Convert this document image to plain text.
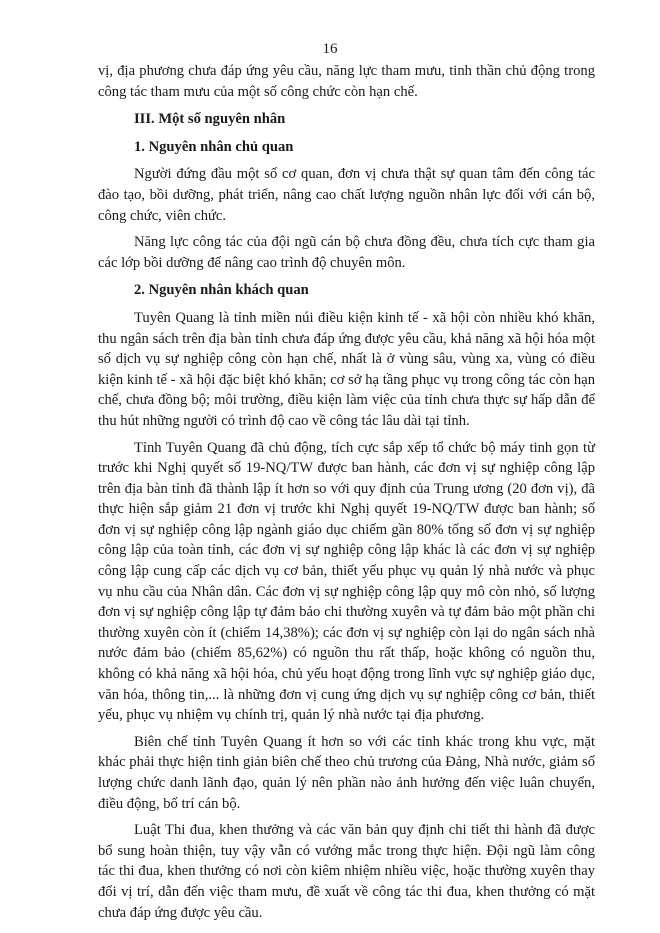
16

vị, địa phương chưa đáp ứng yêu cầu, năng lực tham mưu, tinh thần chủ động trong công tác tham mưu của một số công chức còn hạn chế.

III. Một số nguyên nhân

1. Nguyên nhân chủ quan

Người đứng đầu một số cơ quan, đơn vị chưa thật sự quan tâm đến công tác đào tạo, bồi dưỡng, phát triển, nâng cao chất lượng nguồn nhân lực đối với cán bộ, công chức, viên chức.

Năng lực công tác của đội ngũ cán bộ chưa đồng đều, chưa tích cực tham gia các lớp bồi dưỡng để nâng cao trình độ chuyên môn.

2. Nguyên nhân khách quan

Tuyên Quang là tỉnh miền núi điều kiện kinh tế - xã hội còn nhiều khó khăn, thu ngân sách trên địa bàn tỉnh chưa đáp ứng được yêu cầu, khả năng xã hội hóa một số dịch vụ sự nghiệp công còn hạn chế, nhất là ở vùng sâu, vùng xa, vùng có điều kiện kinh tế - xã hội đặc biệt khó khăn; cơ sở hạ tầng phục vụ trong công tác còn hạn chế, chưa đồng bộ; môi trường, điều kiện làm việc của tỉnh chưa thực sự hấp dẫn để thu hút những người có trình độ cao về công tác lâu dài tại tỉnh.

Tỉnh Tuyên Quang đã chủ động, tích cực sắp xếp tổ chức bộ máy tinh gọn từ trước khi Nghị quyết số 19-NQ/TW được ban hành, các đơn vị sự nghiệp công lập trên địa bàn tỉnh đã thành lập ít hơn so với quy định của Trung ương (20 đơn vị), đã thực hiện sắp giảm 21 đơn vị trước khi Nghị quyết 19-NQ/TW được ban hành; số đơn vị sự nghiệp công lập ngành giáo dục chiếm gần 80% tổng số đơn vị sự nghiệp công lập của toàn tỉnh, các đơn vị sự nghiệp công lập khác là các đơn vị sự nghiệp công lập cung cấp các dịch vụ cơ bản, thiết yếu phục vụ quản lý nhà nước và phục vụ nhu cầu của Nhân dân. Các đơn vị sự nghiệp công lập quy mô còn nhỏ, số lượng đơn vị sự nghiệp công lập tự đảm bảo chi thường xuyên và tự đảm bảo một phần chi thường xuyên còn ít (chiếm 14,38%); các đơn vị sự nghiệp còn lại do ngân sách nhà nước đảm bảo (chiếm 85,62%) có nguồn thu rất thấp, hoặc không có nguồn thu, không có khả năng xã hội hóa, chủ yếu hoạt động trong lĩnh vực sự nghiệp giáo dục, văn hóa, thông tin,... là những đơn vị cung ứng dịch vụ sự nghiệp công cơ bản, thiết yếu, phục vụ nhiệm vụ chính trị, quản lý nhà nước tại địa phương.

Biên chế tỉnh Tuyên Quang ít hơn so với các tỉnh khác trong khu vực, mặt khác phải thực hiện tinh giản biên chế theo chủ trương của Đảng, Nhà nước, giảm số lượng chức danh lãnh đạo, quản lý nên phần nào ảnh hưởng đến việc luân chuyển, điều động, bố trí cán bộ.

Luật Thi đua, khen thưởng và các văn bản quy định chi tiết thi hành đã được bổ sung hoàn thiện, tuy vậy vẫn có vướng mắc trong thực hiện. Đội ngũ làm công tác thi đua, khen thưởng có nơi còn kiêm nhiệm nhiều việc, hoặc thường xuyên thay đổi vị trí, dẫn đến việc tham mưu, đề xuất về công tác thi đua, khen thưởng có mặt chưa đáp ứng được yêu cầu.
